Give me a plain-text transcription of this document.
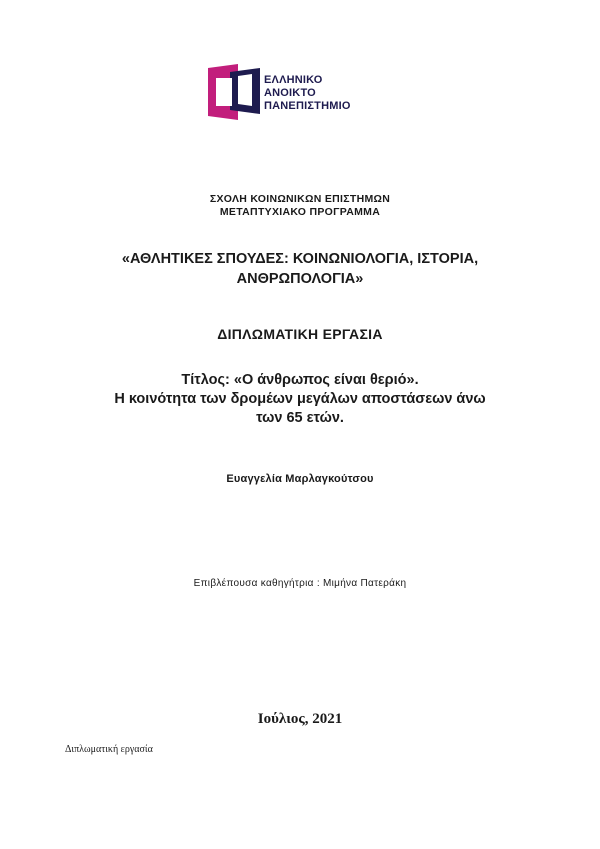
ΕΛΛΗΝΙΚΟ
ΑΝΟΙΚΤΟ
ΠΑΝΕΠΙΣΤΗΜΙΟ
ΣΧΟΛΗ ΚΟΙΝΩΝΙΚΩΝ ΕΠΙΣΤΗΜΩΝ
ΜΕΤΑΠΤΥΧΙΑΚΟ ΠΡΟΓΡΑΜΜΑ
«ΑΘΛΗΤΙΚΕΣ ΣΠΟΥΔΕΣ: ΚΟΙΝΩΝΙΟΛΟΓΙΑ, ΙΣΤΟΡΙΑ,
ΑΝΘΡΩΠΟΛΟΓΙΑ»
ΔΙΠΛΩΜΑΤΙΚΗ ΕΡΓΑΣΙΑ
Τίτλος: «Ο άνθρωπος είναι θεριό».
Η κοινότητα των δρομέων μεγάλων αποστάσεων άνω
των 65 ετών.
Ευαγγελία Μαρλαγκούτσου
Επιβλέπουσα καθηγήτρια : Μιμήνα Πατεράκη
Ιούλιος, 2021
Διπλωματική εργασία
